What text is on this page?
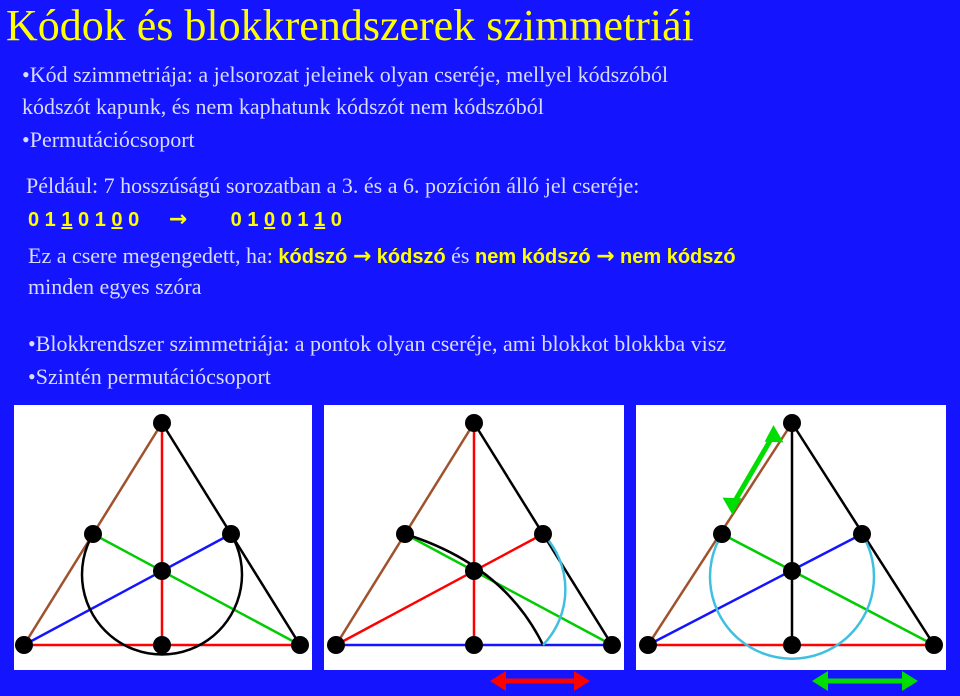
Kódok és blokkrendszerek szimmetriái
•Kód szimmetriája: a jelsorozat jeleinek olyan cseréje, mellyel kódszóból
kódszót kapunk, és nem kaphatunk kódszót nem kódszóból
•Permutációcsoport
Például: 7 hosszúságú sorozatban a 3. és a 6. pozíción álló jel cseréje:
0 1 1 0 1 0 0 → 0 1 0 0 1 1 0
Ez a csere megengedett, ha: kódszó → kódszó és nem kódszó → nem kódszó
minden egyes szóra
•Blokkrendszer szimmetriája: a pontok olyan cseréje, ami blokkot blokkba visz
•Szintén permutációcsoport
